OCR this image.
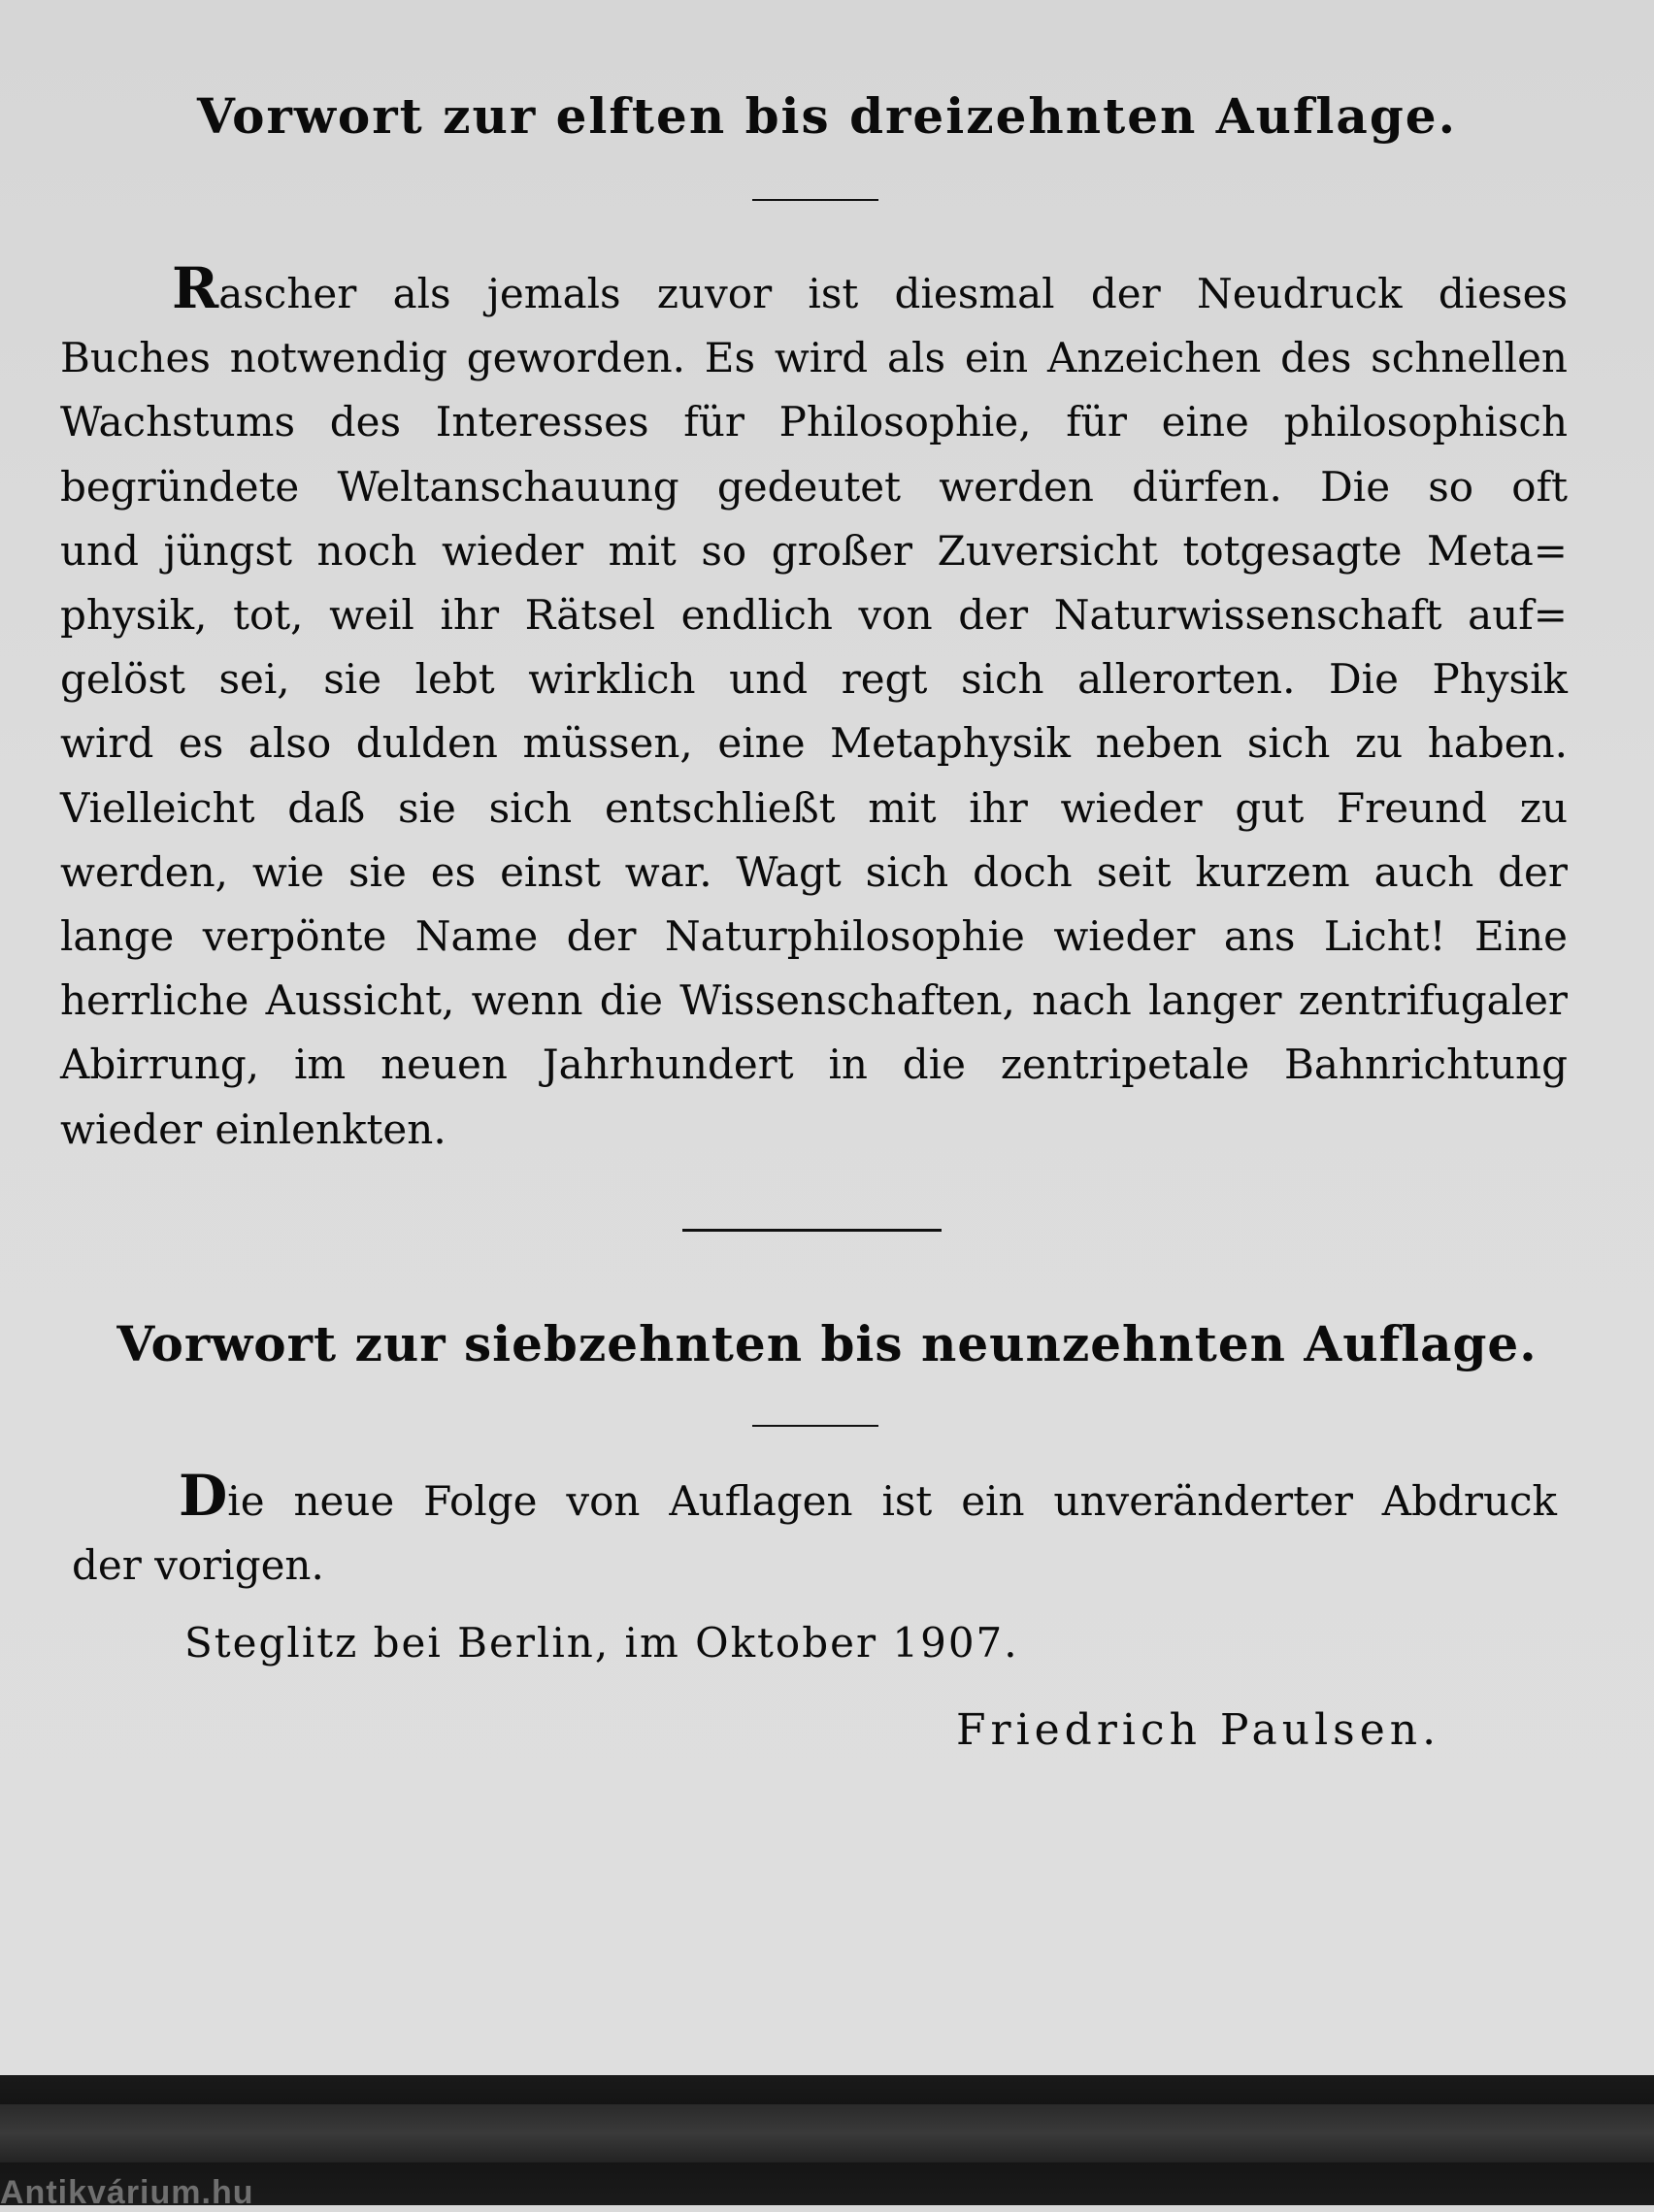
Vorwort zur elften bis dreizehnten Auflage.
Rascher als jemals zuvor ist diesmal der Neudruck dieses
Buches notwendig geworden. Es wird als ein Anzeichen des schnellen
Wachstums des Interesses für Philosophie, für eine philosophisch
begründete Weltanschauung gedeutet werden dürfen. Die so oft
und jüngst noch wieder mit so großer Zuversicht totgesagte Meta=
physik, tot, weil ihr Rätsel endlich von der Naturwissenschaft auf=
gelöst sei, sie lebt wirklich und regt sich allerorten. Die Physik
wird es also dulden müssen, eine Metaphysik neben sich zu haben.
Vielleicht daß sie sich entschließt mit ihr wieder gut Freund zu
werden, wie sie es einst war. Wagt sich doch seit kurzem auch der
lange verpönte Name der Naturphilosophie wieder ans Licht! Eine
herrliche Aussicht, wenn die Wissenschaften, nach langer zentrifugaler
Abirrung, im neuen Jahrhundert in die zentripetale Bahnrichtung
wieder einlenkten.
Vorwort zur siebzehnten bis neunzehnten Auflage.
Die neue Folge von Auflagen ist ein unveränderter Abdruck
der vorigen.
Steglitz bei Berlin, im Oktober 1907.
Friedrich Paulsen.
Antikvárium.hu
